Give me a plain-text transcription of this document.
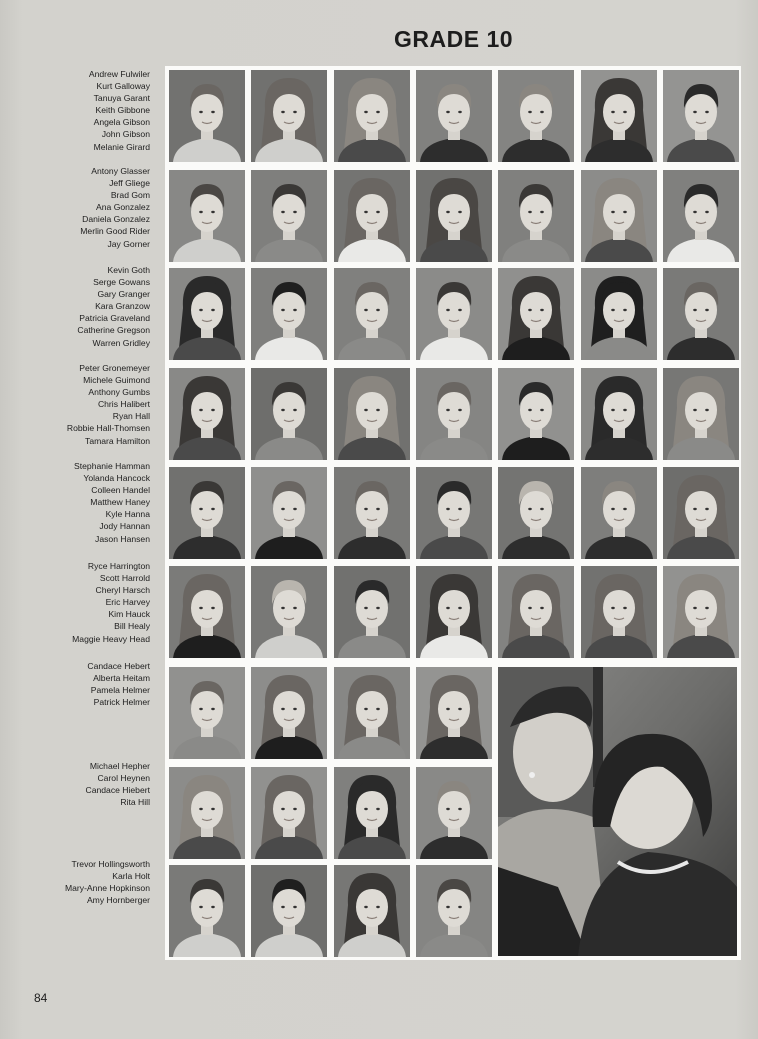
GRADE 10
Andrew Fulwiler
Kurt Galloway
Tanuya Garant
Keith Gibbone
Angela Gibson
John Gibson
Melanie Girard
Antony Glasser
Jeff Gliege
Brad Gom
Ana Gonzalez
Daniela Gonzalez
Merlin Good Rider
Jay Gorner
Kevin Goth
Serge Gowans
Gary Granger
Kara Granzow
Patricia Graveland
Catherine Gregson
Warren Gridley
Peter Gronemeyer
Michele Guimond
Anthony Gumbs
Chris Halibert
Ryan Hall
Robbie Hall-Thomsen
Tamara Hamilton
Stephanie Hamman
Yolanda Hancock
Colleen Handel
Matthew Haney
Kyle Hanna
Jody Hannan
Jason Hansen
Ryce Harrington
Scott Harrold
Cheryl Harsch
Eric Harvey
Kim Hauck
Bill Healy
Maggie Heavy Head
Candace Hebert
Alberta Heitam
Pamela Helmer
Patrick Helmer
Michael Hepher
Carol Heynen
Candace Hiebert
Rita Hill
Trevor Hollingsworth
Karla Holt
Mary-Anne Hopkinson
Amy Hornberger
84
